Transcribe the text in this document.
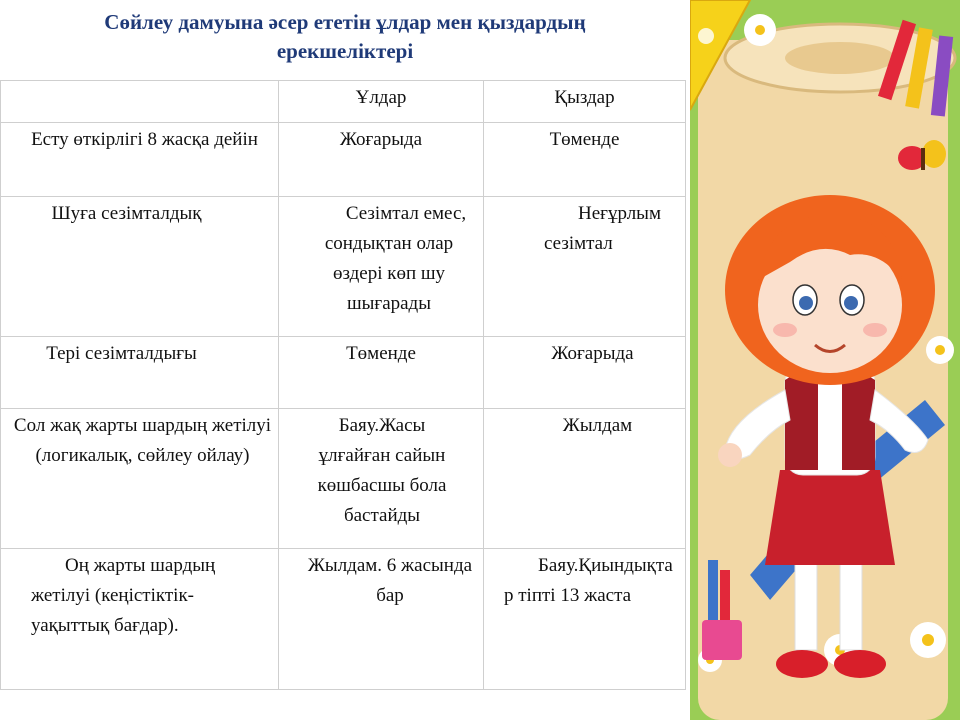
Сөйлеу дамуына әсер ететін ұлдар мен қыздардың
ерекшеліктері
	Ұлдар	Қыздар
Есту өткірлігі 8 жасқа дейін	Жоғарыда	Төменде
Шуға сезімталдық	Сезімтал емес, сондықтан олар өздері көп шу шығарады	Неғұрлым сезімтал
Тері сезімталдығы	Төменде	Жоғарыда
Сол жақ жарты шардың жетілуі (логикалық, сөйлеу ойлау)	Баяу.Жасы ұлғайған сайын көшбасшы бола бастайды	Жылдам
Оң жарты шардың жетілуі (кеңістіктік-уақыттық бағдар).	Жылдам. 6 жасында бар	Баяу.Қиындықтар тіпті 13 жаста
